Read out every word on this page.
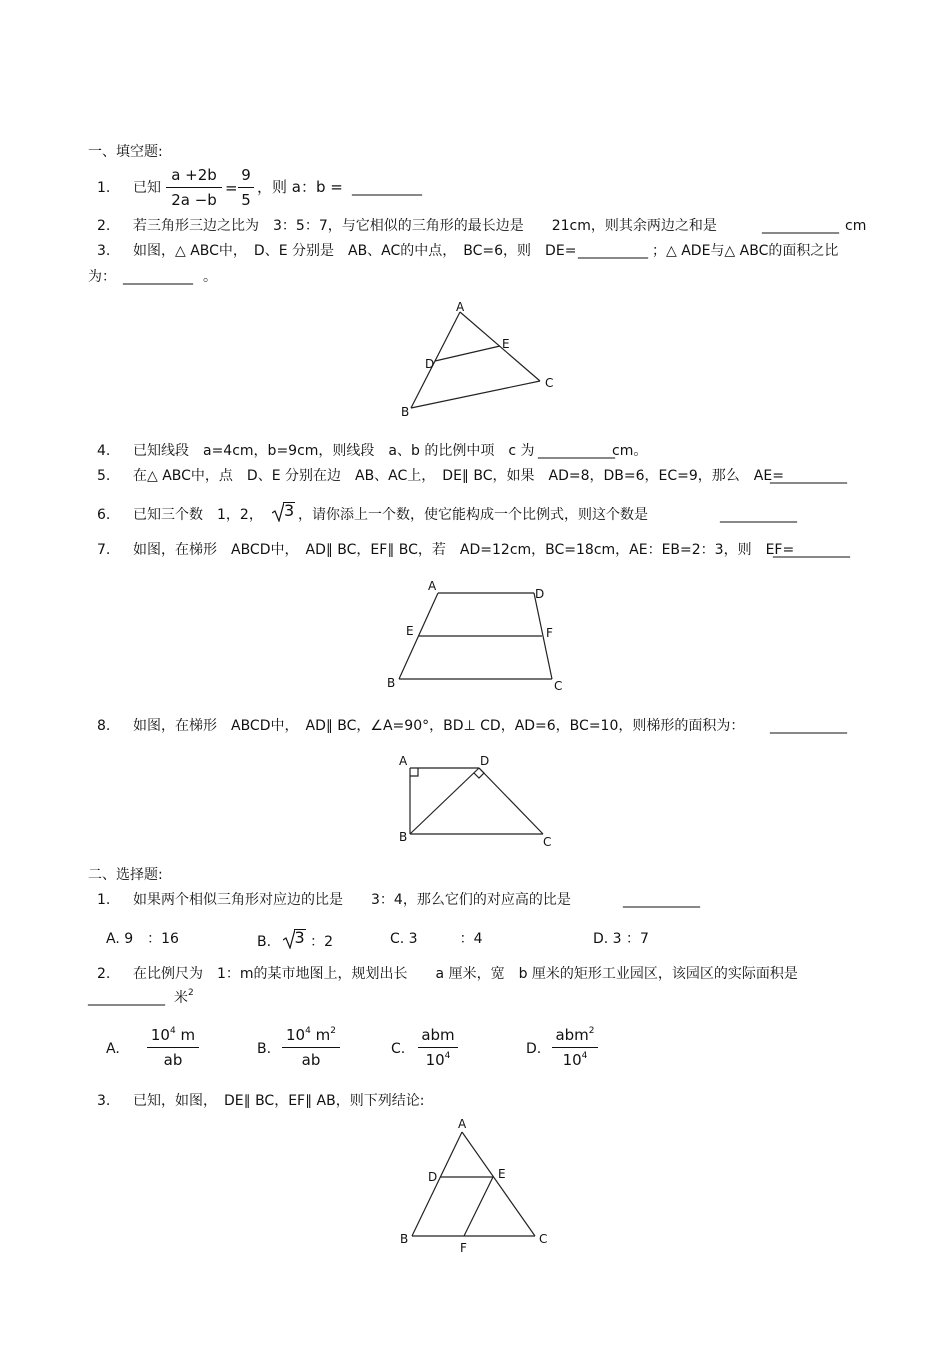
一、填空题:
1. 已知 $\frac{a +2b}{2a -b} = \frac{9}{5}$ ，则 a：b = __________
2. 若三角形三边之比为　3：5：7，与它相似的三角形的最长边是　　21cm，则其余两边之和是	___________ cm
3. 如图，△ ABC中，　D、E 分别是　AB、AC的中点，　BC=6，则　DE= __________ ；△ ADE与△ ABC的面积之比
为： __________ 。
A
B
C
D
E
4. 已知线段　a=4cm，b=9cm，则线段　a、b 的比例中项　c 为 ___________
cm。
5. 在△ ABC中，点　D、E 分别在边　AB、AC上，　DE∥ BC，如果　AD=8，DB=6，EC=9，那么　AE=
___________
6. 已知三个数　1，2， 3 ，请你添上一个数，使它能构成一个比例式，则这个数是	___________
7. 如图，在梯形　ABCD中，　AD∥ BC，EF∥ BC，若　AD=12cm，BC=18cm，AE：EB=2：3，则　EF=
___________
A
D
E	F
B	C
8. 如图，在梯形　ABCD中，　AD∥ BC，∠A=90°，BD⊥ CD，AD=6，BC=10，则梯形的面积为： ___________
A	D
B	C
二、选择题:
1. 如果两个相似三角形对应边的比是　　3：4，那么它们的对应高的比是	___________
A. 9　：16	B. 3 ：2	C. 3　　　：4	D. 3 ：7
2. 在比例尺为　1：m的某市地图上，规划出长　　a 厘米，宽　b 厘米的矩形工业园区，该园区的实际面积是
___________ 米$^2$
A. $\frac{10^4 m}{ab}$	B. $\frac{10^4 m^2}{ab}$	C.
abm
$10^4$	D.
abm$^2$
$10^4$
3. 已知，如图，　DE∥ BC，EF∥ AB，则下列结论:
A
D	E
B	C
F
